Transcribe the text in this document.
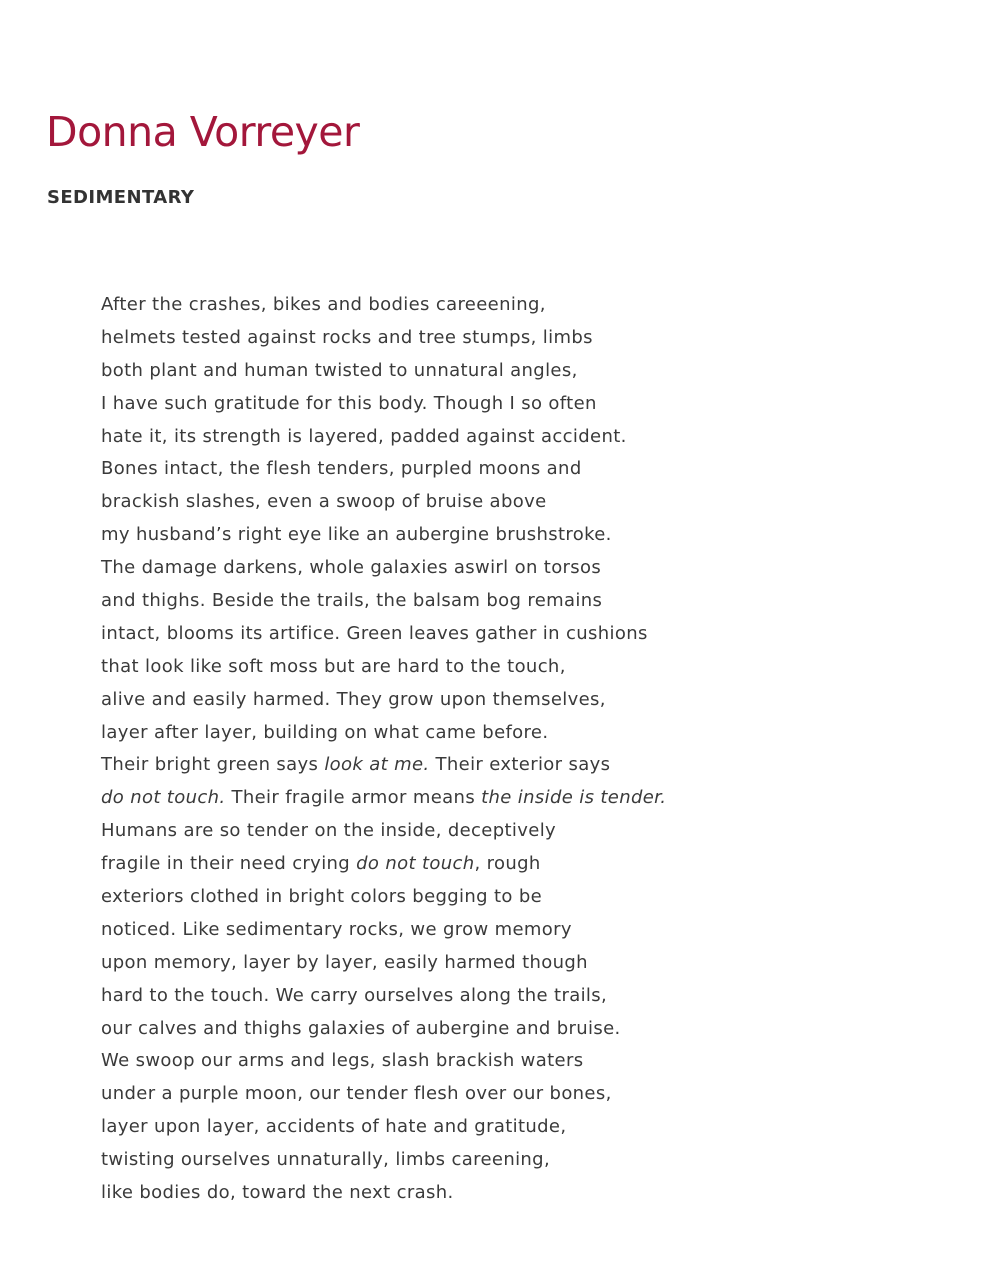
Donna Vorreyer
SEDIMENTARY
After the crashes, bikes and bodies careeening,
helmets tested against rocks and tree stumps, limbs
both plant and human twisted to unnatural angles,
I have such gratitude for this body. Though I so often
hate it, its strength is layered, padded against accident.
Bones intact, the flesh tenders, purpled moons and
brackish slashes, even a swoop of bruise above
my husband’s right eye like an aubergine brushstroke.
The damage darkens, whole galaxies aswirl on torsos
and thighs. Beside the trails, the balsam bog remains
intact, blooms its artifice. Green leaves gather in cushions
that look like soft moss but are hard to the touch,
alive and easily harmed. They grow upon themselves,
layer after layer, building on what came before.
Their bright green says look at me. Their exterior says
do not touch. Their fragile armor means the inside is tender.
Humans are so tender on the inside, deceptively
fragile in their need crying do not touch, rough
exteriors clothed in bright colors begging to be
noticed. Like sedimentary rocks, we grow memory
upon memory, layer by layer, easily harmed though
hard to the touch. We carry ourselves along the trails,
our calves and thighs galaxies of aubergine and bruise.
We swoop our arms and legs, slash brackish waters
under a purple moon, our tender flesh over our bones,
layer upon layer, accidents of hate and gratitude,
twisting ourselves unnaturally, limbs careening,
like bodies do, toward the next crash.
